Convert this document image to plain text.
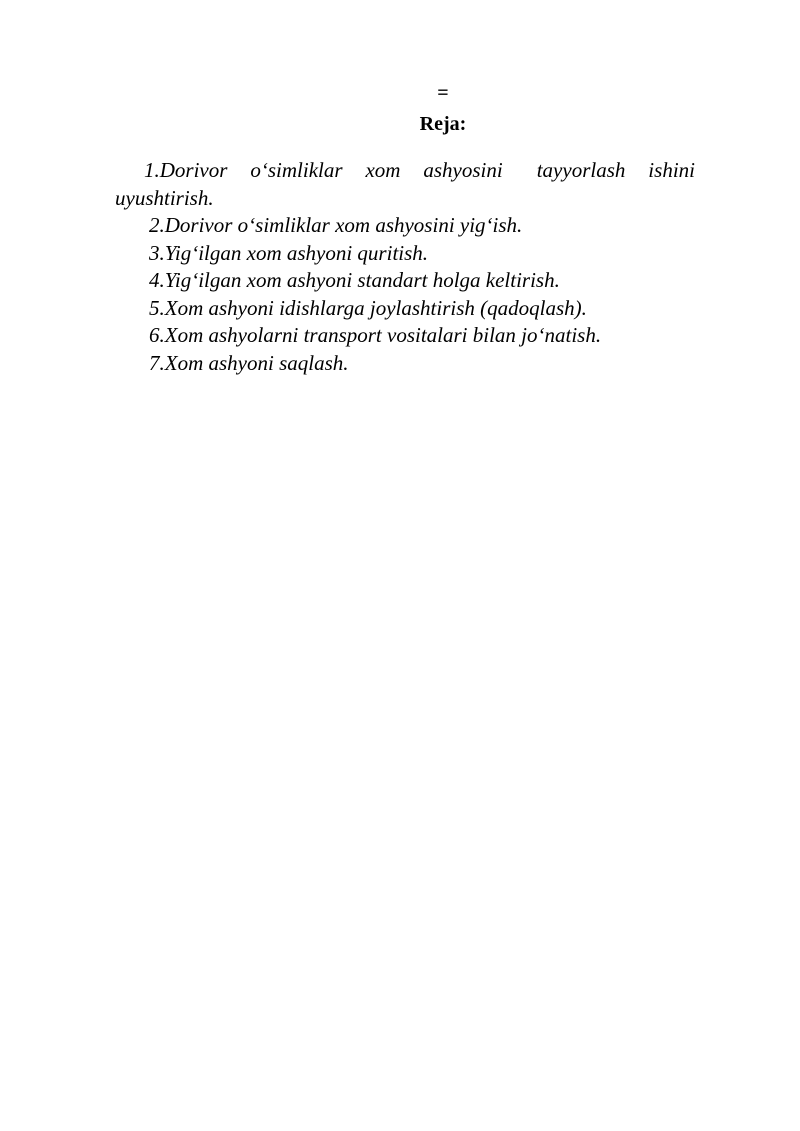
=
Reja:
1.Dorivor o‘simliklar xom ashyosini tayyorlash ishini uyushtirish.
2.Dorivor o‘simliklar xom ashyosini yig‘ish.
3.Yig‘ilgan xom ashyoni quritish.
4.Yig‘ilgan xom ashyoni standart holga keltirish.
5.Xom ashyoni idishlarga joylashtirish (qadoqlash).
6.Xom ashyolarni transport vositalari bilan jo‘natish.
7.Xom ashyoni saqlash.
